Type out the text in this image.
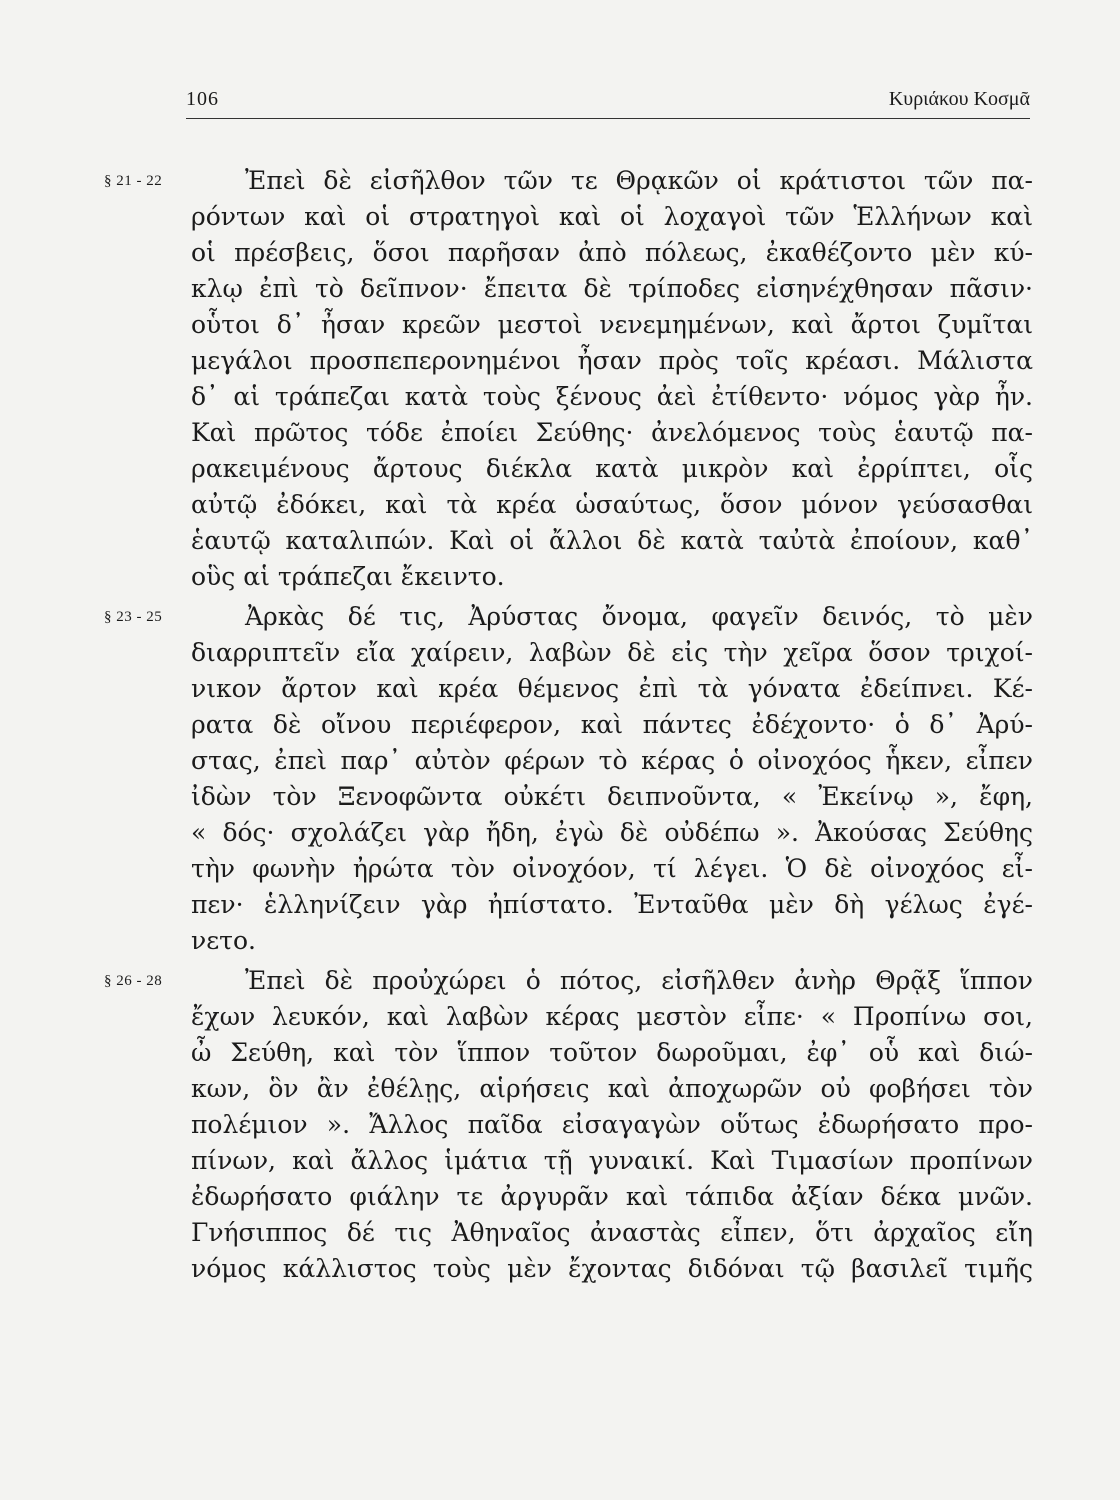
106	Κυριάκου Κοσμᾶ
§ 21 - 22	Ἐπεὶ δὲ εἰσῆλθον τῶν τε Θρᾳκῶν οἱ κράτιστοι τῶν πα-
ρόντων καὶ οἱ στρατηγοὶ καὶ οἱ λοχαγοὶ τῶν Ἑλλήνων καὶ
οἱ πρέσβεις, ὅσοι παρῆσαν ἀπὸ πόλεως, ἐκαθέζοντο μὲν κύ-
κλῳ ἐπὶ τὸ δεῖπνον· ἔπειτα δὲ τρίποδες εἰσηνέχθησαν πᾶσιν·
οὗτοι δ᾽ ἦσαν κρεῶν μεστοὶ νενεμημένων, καὶ ἄρτοι ζυμῖται
μεγάλοι προσπεπερονημένοι ἦσαν πρὸς τοῖς κρέασι. Μάλιστα
δ᾽ αἱ τράπεζαι κατὰ τοὺς ξένους ἀεὶ ἐτίθεντο· νόμος γὰρ ἦν.
Καὶ πρῶτος τόδε ἐποίει Σεύθης· ἀνελόμενος τοὺς ἑαυτῷ πα-
ρακειμένους ἄρτους διέκλα κατὰ μικρὸν καὶ ἐρρίπτει, οἷς
αὐτῷ ἐδόκει, καὶ τὰ κρέα ὡσαύτως, ὅσον μόνον γεύσασθαι
ἑαυτῷ καταλιπών. Καὶ οἱ ἄλλοι δὲ κατὰ ταὐτὰ ἐποίουν, καθ᾽
οὓς αἱ τράπεζαι ἔκειντο.
§ 23 - 25	Ἀρκὰς δέ τις, Ἀρύστας ὄνομα, φαγεῖν δεινός, τὸ μὲν
διαρριπτεῖν εἴα χαίρειν, λαβὼν δὲ εἰς τὴν χεῖρα ὅσον τριχοί-
νικον ἄρτον καὶ κρέα θέμενος ἐπὶ τὰ γόνατα ἐδείπνει. Κέ-
ρατα δὲ οἴνου περιέφερον, καὶ πάντες ἐδέχοντο· ὁ δ᾽ Ἀρύ-
στας, ἐπεὶ παρ᾽ αὐτὸν φέρων τὸ κέρας ὁ οἰνοχόος ἧκεν, εἶπεν
ἰδὼν τὸν Ξενοφῶντα οὐκέτι δειπνοῦντα, « Ἐκείνῳ », ἔφη,
« δός· σχολάζει γὰρ ἤδη, ἐγὼ δὲ οὐδέπω ». Ἀκούσας Σεύθης
τὴν φωνὴν ἠρώτα τὸν οἰνοχόον, τί λέγει. Ὁ δὲ οἰνοχόος εἶ-
πεν· ἑλληνίζειν γὰρ ἠπίστατο. Ἐνταῦθα μὲν δὴ γέλως ἐγέ-
νετο.
§ 26 - 28	Ἐπεὶ δὲ προὐχώρει ὁ πότος, εἰσῆλθεν ἀνὴρ Θρᾷξ ἵππον
ἔχων λευκόν, καὶ λαβὼν κέρας μεστὸν εἶπε· « Προπίνω σοι,
ὦ Σεύθη, καὶ τὸν ἵππον τοῦτον δωροῦμαι, ἐφ᾽ οὗ καὶ διώ-
κων, ὃν ἂν ἐθέλῃς, αἱρήσεις καὶ ἀποχωρῶν οὐ φοβήσει τὸν
πολέμιον ». Ἄλλος παῖδα εἰσαγαγὼν οὕτως ἐδωρήσατο προ-
πίνων, καὶ ἄλλος ἱμάτια τῇ γυναικί. Καὶ Τιμασίων προπίνων
ἐδωρήσατο φιάλην τε ἀργυρᾶν καὶ τάπιδα ἀξίαν δέκα μνῶν.
Γνήσιππος δέ τις Ἀθηναῖος ἀναστὰς εἶπεν, ὅτι ἀρχαῖος εἴη
νόμος κάλλιστος τοὺς μὲν ἔχοντας διδόναι τῷ βασιλεῖ τιμῆς
